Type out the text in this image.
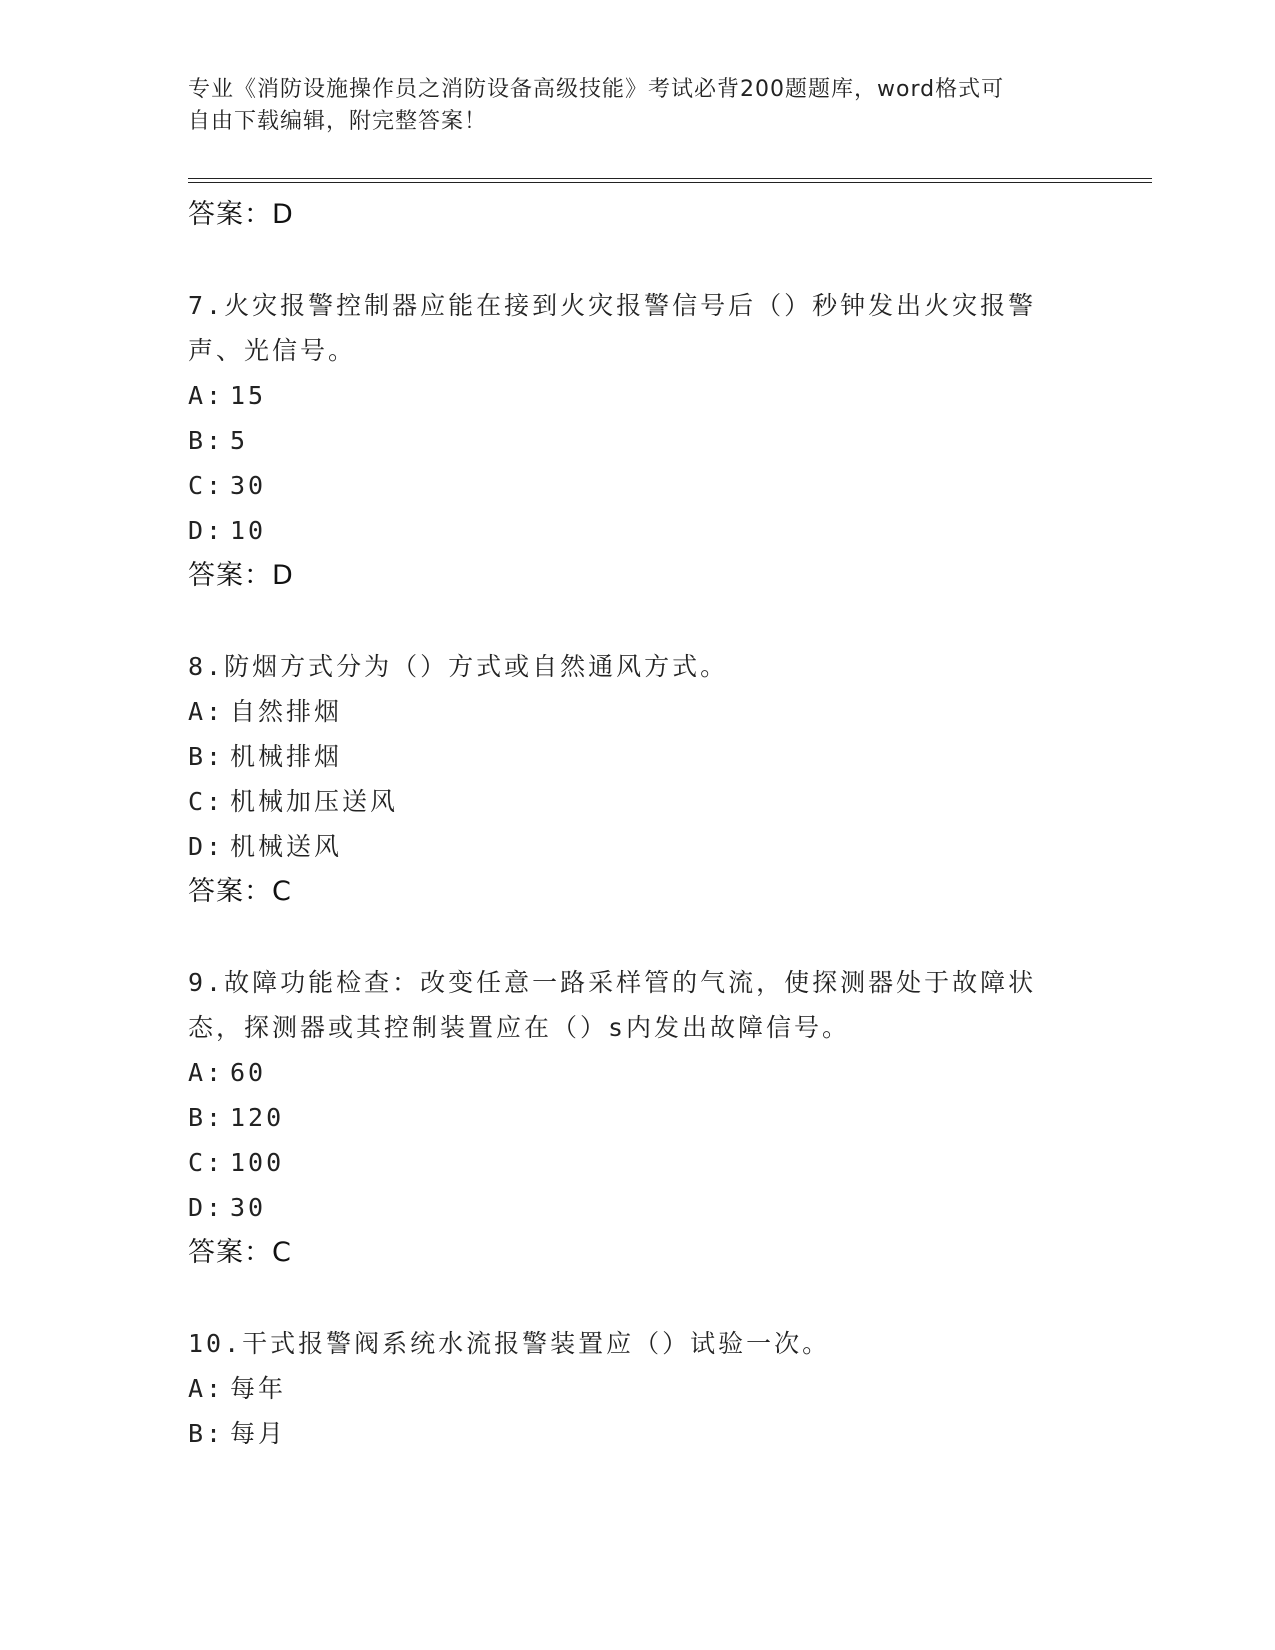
专业《消防设施操作员之消防设备高级技能》考试必背200题题库，word格式可
自由下载编辑，附完整答案！
答案：D
7.火灾报警控制器应能在接到火灾报警信号后（）秒钟发出火灾报警
声、光信号。
A: 15
B: 5
C: 30
D: 10
答案：D
8.防烟方式分为（）方式或自然通风方式。
A: 自然排烟
B: 机械排烟
C: 机械加压送风
D: 机械送风
答案：C
9.故障功能检查：改变任意一路采样管的气流，使探测器处于故障状
态，探测器或其控制装置应在（）s内发出故障信号。
A: 60
B: 120
C: 100
D: 30
答案：C
10.干式报警阀系统水流报警装置应（）试验一次。
A: 每年
B: 每月
